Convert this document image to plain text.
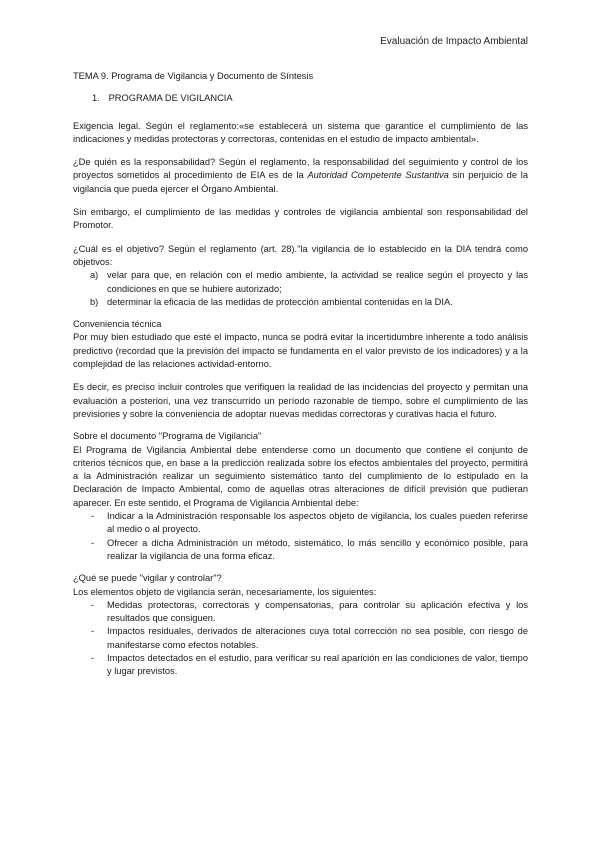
Evaluación de Impacto Ambiental

TEMA 9. Programa de Vigilancia y Documento de Síntesis

1. PROGRAMA DE VIGILANCIA

Exigencia legal. Según el reglamento:«se establecerá un sistema que garantice el cumplimiento de las indicaciones y medidas protectoras y correctoras, contenidas en el estudio de impacto ambiental».

¿De quién es la responsabilidad? Según el reglamento, la responsabilidad del seguimiento y control de los proyectos sometidos al procedimiento de EIA es de la Autoridad Competente Sustantiva sin perjuicio de la vigilancia que pueda ejercer el Órgano Ambiental.

Sin embargo, el cumplimiento de las medidas y controles de vigilancia ambiental son responsabilidad del Promotor.

¿Cuál es el objetivo? Según el reglamento (art. 28)."la vigilancia de lo establecido en la DIA tendrá como objetivos:

a) velar para que, en relación con el medio ambiente, la actividad se realice según el proyecto y las condiciones en que se hubiere autorizado;
b) determinar la eficacia de las medidas de protección ambiental contenidas en la DIA.

Conveniencia técnica

Por muy bien estudiado que esté el impacto, nunca se podrá evitar la incertidumbre inherente a todo análisis predictivo (recordad que la previsión del impacto se fundamenta en el valor previsto de los indicadores) y a la complejidad de las relaciones actividad-entorno.

Es decir, es preciso incluir controles que verifiquen la realidad de las incidencias del proyecto y permitan una evaluación a posteriori, una vez transcurrido un período razonable de tiempo, sobre el cumplimiento de las previsiones y sobre la conveniencia de adoptar nuevas medidas correctoras y curativas hacia el futuro.

Sobre el documento "Programa de Vigilancia"

El Programa de Vigilancia Ambiental debe entenderse como un documento que contiene el conjunto de criterios técnicos que, en base a la predicción realizada sobre los efectos ambientales del proyecto, permitirá a la Administración realizar un seguimiento sistemático tanto del cumplimiento de lo estipulado en la Declaración de Impacto Ambiental, como de aquellas otras alteraciones de difícil previsión que pudieran aparecer. En este sentido, el Programa de Vigilancia Ambiental debe:

- Indicar a la Administración responsable los aspectos objeto de vigilancia, los cuales pueden referirse al medio o al proyecto.
- Ofrecer a dicha Administración un método, sistemático, lo más sencillo y económico posible, para realizar la vigilancia de una forma eficaz.

¿Qué se puede "vigilar y controlar"?

Los elementos objeto de vigilancia serán, necesariamente, los siguientes:

- Medidas protectoras, correctoras y compensatorias, para controlar su aplicación efectiva y los resultados que consiguen.
- Impactos residuales, derivados de alteraciones cuya total corrección no sea posible, con riesgo de manifestarse como efectos notables.
- Impactos detectados en el estudio, para verificar su real aparición en las condiciones de valor, tiempo y lugar previstos.
